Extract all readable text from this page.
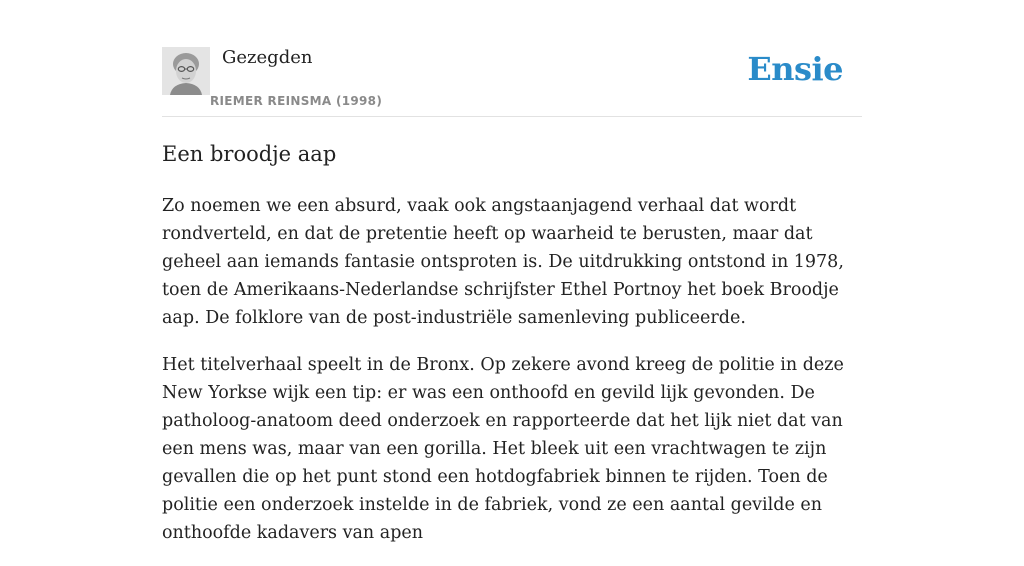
Gezegden

RIEMER REINSMA (1998)
Ensie
Een broodje aap

Zo noemen we een absurd, vaak ook angstaanjagend verhaal dat wordt rondverteld, en dat de pretentie heeft op waarheid te berusten, maar dat geheel aan iemands fantasie ontsproten is. De uitdrukking ontstond in 1978, toen de Amerikaans-Nederlandse schrijfster Ethel Portnoy het boek Broodje aap. De folklore van de post-industriële samenleving publiceerde.

Het titelverhaal speelt in de Bronx. Op zekere avond kreeg de politie in deze New Yorkse wijk een tip: er was een onthoofd en gevild lijk gevonden. De patholoog-anatoom deed onderzoek en rapporteerde dat het lijk niet dat van een mens was, maar van een gorilla. Het bleek uit een vrachtwagen te zijn gevallen die op het punt stond een hotdogfabriek binnen te rijden. Toen de politie een onderzoek instelde in de fabriek, vond ze een aantal gevilde en onthoofde kadavers van apen
